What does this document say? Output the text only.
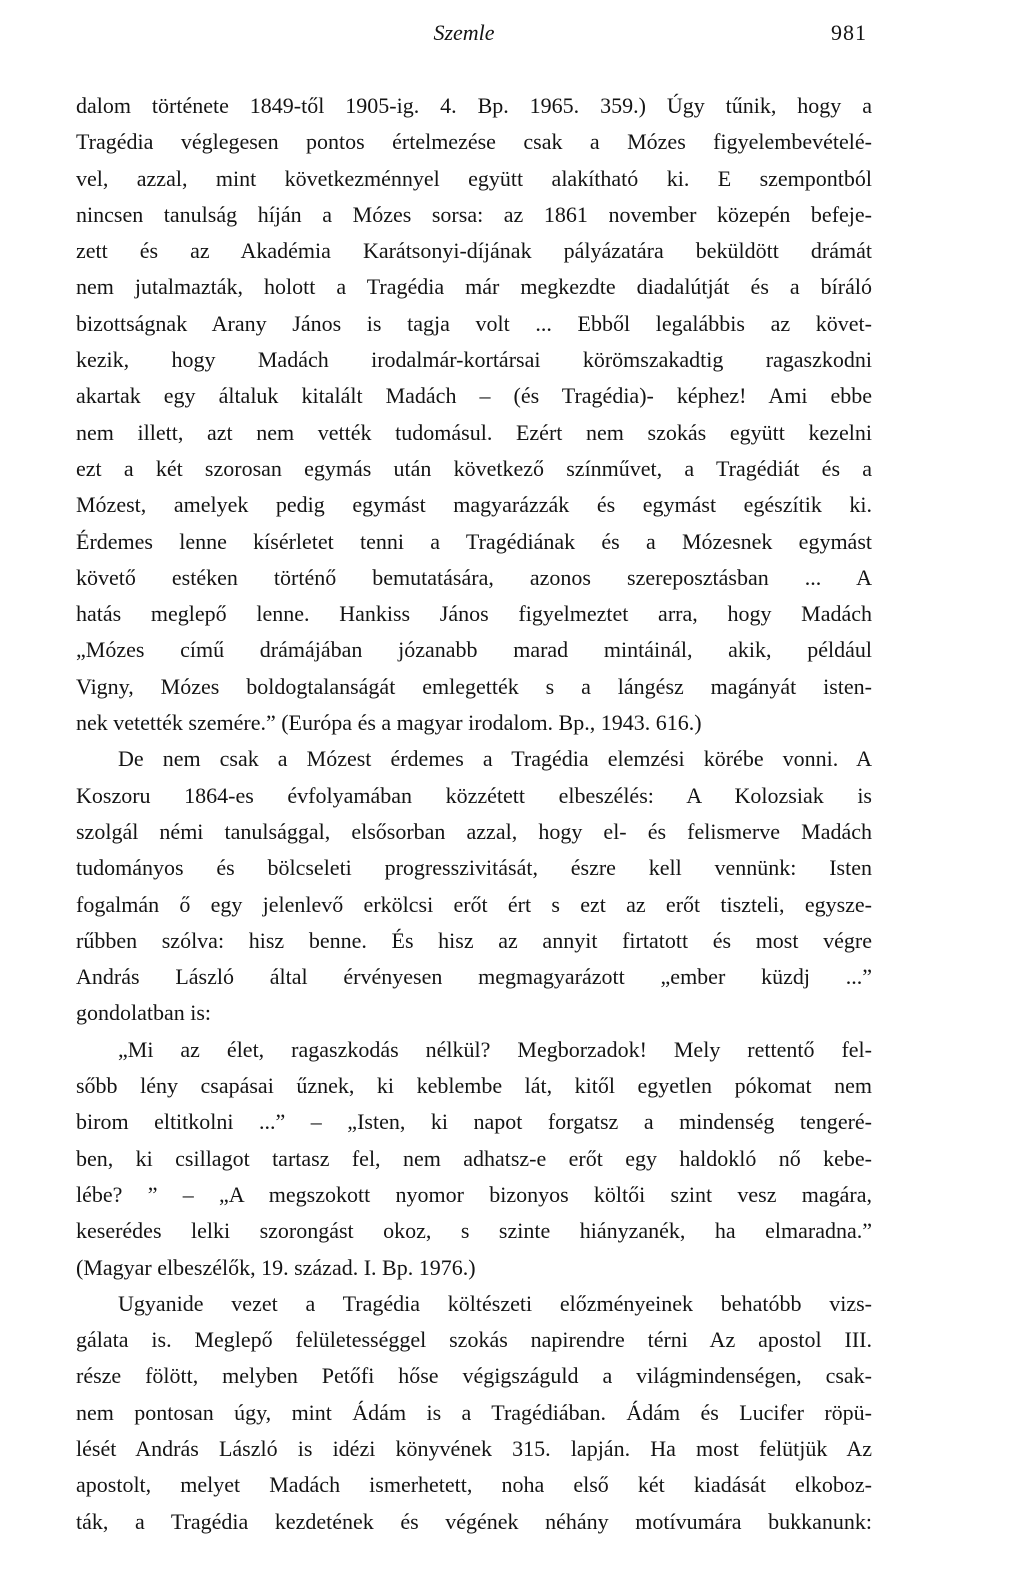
Szemle	981

dalom története 1849-től 1905-ig. 4. Bp. 1965. 359.) Úgy tűnik, hogy a
Tragédia véglegesen pontos értelmezése csak a Mózes figyelembevételé-
vel, azzal, mint következménnyel együtt alakítható ki. E szempontból
nincsen tanulság híján a Mózes sorsa: az 1861 november közepén befeje-
zett és az Akadémia Karátsonyi-díjának pályázatára beküldött drámát
nem jutalmazták, holott a Tragédia már megkezdte diadalútját és a bíráló
bizottságnak Arany János is tagja volt ... Ebből legalábbis az követ-
kezik, hogy Madách irodalmár-kortársai körömszakadtig ragaszkodni
akartak egy általuk kitalált Madách – (és Tragédia)- képhez! Ami ebbe
nem illett, azt nem vették tudomásul. Ezért nem szokás együtt kezelni
ezt a két szorosan egymás után következő színművet, a Tragédiát és a
Mózest, amelyek pedig egymást magyarázzák és egymást egészítik ki.
Érdemes lenne kísérletet tenni a Tragédiának és a Mózesnek egymást
követő estéken történő bemutatására, azonos szereposztásban ... A
hatás meglepő lenne. Hankiss János figyelmeztet arra, hogy Madách
„Mózes című drámájában józanabb marad mintáinál, akik, például
Vigny, Mózes boldogtalanságát emlegették s a lángész magányát isten-
nek vetették szemére.” (Európa és a magyar irodalom. Bp., 1943. 616.)

De nem csak a Mózest érdemes a Tragédia elemzési körébe vonni. A
Koszoru 1864-es évfolyamában közzétett elbeszélés: A Kolozsiak is
szolgál némi tanulsággal, elsősorban azzal, hogy el- és felismerve Madách
tudományos és bölcseleti progresszivitását, észre kell vennünk: Isten
fogalmán ő egy jelenlevő erkölcsi erőt ért s ezt az erőt tiszteli, egysze-
rűbben szólva: hisz benne. És hisz az annyit firtatott és most végre
András László által érvényesen megmagyarázott „ember küzdj ...”
gondolatban is:

„Mi az élet, ragaszkodás nélkül? Megborzadok! Mely rettentő fel-
sőbb lény csapásai űznek, ki keblembe lát, kitől egyetlen pókomat nem
birom eltitkolni ...” – „Isten, ki napot forgatsz a mindenség tengeré-
ben, ki csillagot tartasz fel, nem adhatsz-e erőt egy haldokló nő kebe-
lébe? ” – „A megszokott nyomor bizonyos költői szint vesz magára,
keserédes lelki szorongást okoz, s szinte hiányzanék, ha elmaradna.”
(Magyar elbeszélők, 19. század. I. Bp. 1976.)

Ugyanide vezet a Tragédia költészeti előzményeinek behatóbb vizs-
gálata is. Meglepő felületességgel szokás napirendre térni Az apostol III.
része fölött, melyben Petőfi hőse végigszáguld a világmindenségen, csak-
nem pontosan úgy, mint Ádám is a Tragédiában. Ádám és Lucifer röpü-
lését András László is idézi könyvének 315. lapján. Ha most felütjük Az
apostolt, melyet Madách ismerhetett, noha első két kiadását elkoboz-
ták, a Tragédia kezdetének és végének néhány motívumára bukkanunk:
